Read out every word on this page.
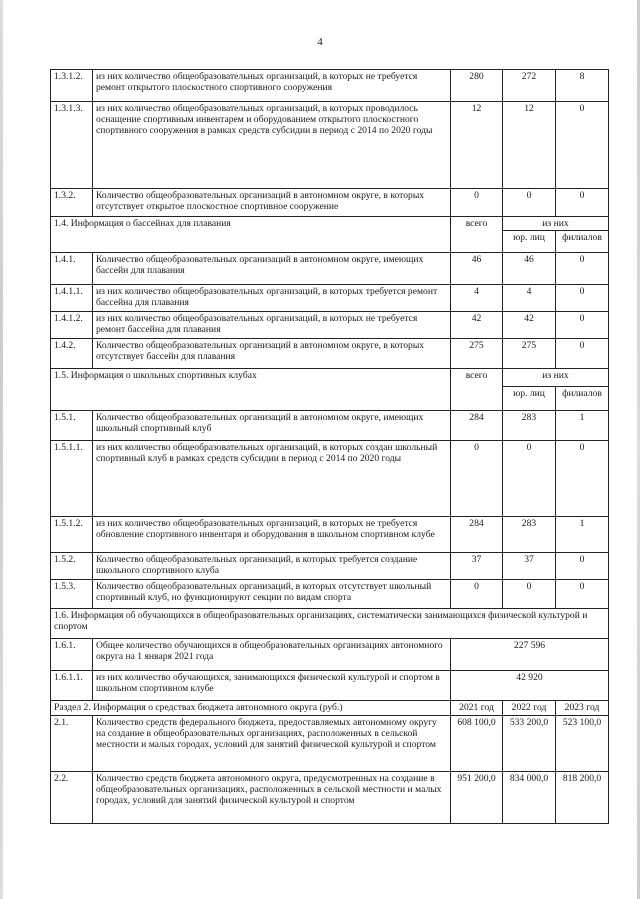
4
1.3.1.2.	из них количество общеобразовательных организаций, в которых не требуется ремонт открытого плоскостного спортивного сооружения	280	272	8
1.3.1.3.	из них количество общеобразовательных организаций, в которых проводилось оснащение спортивным инвентарем и оборудованием открытого плоскостного спортивного сооружения в рамках средств субсидии в период с 2014 по 2020 годы	12	12	0
1.3.2.	Количество общеобразовательных организаций в автономном округе, в которых отсутствует открытое плоскостное спортивное сооружение	0	0	0
1.4. Информация о бассейнах для плавания		всего	из них	
			юр. лиц	филиалов
1.4.1.	Количество общеобразовательных организаций в автономном округе, имеющих бассейн для плавания	46	46	0
1.4.1.1.	из них количество общеобразовательных организаций, в которых требуется ремонт бассейна для плавания	4	4	0
1.4.1.2.	из них количество общеобразовательных организаций, в которых не требуется ремонт бассейна для плавания	42	42	0
1.4.2.	Количество общеобразовательных организаций в автономном округе, в которых отсутствует бассейн для плавания	275	275	0
1.5. Информация о школьных спортивных клубах		всего	из них	
			юр. лиц	филиалов
1.5.1.	Количество общеобразовательных организаций в автономном округе, имеющих школьный спортивный клуб	284	283	1
1.5.1.1.	из них количество общеобразовательных организаций, в которых создан школьный спортивный клуб в рамках средств субсидии в период с 2014 по 2020 годы	0	0	0
1.5.1.2.	из них количество общеобразовательных организаций, в которых не требуется обновление спортивного инвентаря и оборудования в школьном спортивном клубе	284	283	1
1.5.2.	Количество общеобразовательных организаций, в которых требуется создание школьного спортивного клуба	37	37	0
1.5.3.	Количество общеобразовательных организаций, в которых отсутствует школьный спортивный клуб, но функционируют секции по видам спорта	0	0	0
1.6. Информация об обучающихся в общеобразовательных организациях, систематически занимающихся физической культурой и спортом				
1.6.1.	Общее количество обучающихся в общеобразовательных организациях автономного округа на 1 января 2021 года	227 596		
1.6.1.1.	из них количество обучающихся, занимающихся физической культурой и спортом в школьном спортивном клубе	42 920		
Раздел 2. Информация о средствах бюджета автономного округа (руб.)		2021 год	2022 год	2023 год
2.1.	Количество средств федерального бюджета, предоставляемых автономному округу на создание в общеобразовательных организациях, расположенных в сельской местности и малых городах, условий для занятий физической культурой и спортом	608 100,0	533 200,0	523 100,0
2.2.	Количество средств бюджета автономного округа, предусмотренных на создание в общеобразовательных организациях, расположенных в сельской местности и малых городах, условий для занятий физической культурой и спортом	951 200,0	834 000,0	818 200,0
